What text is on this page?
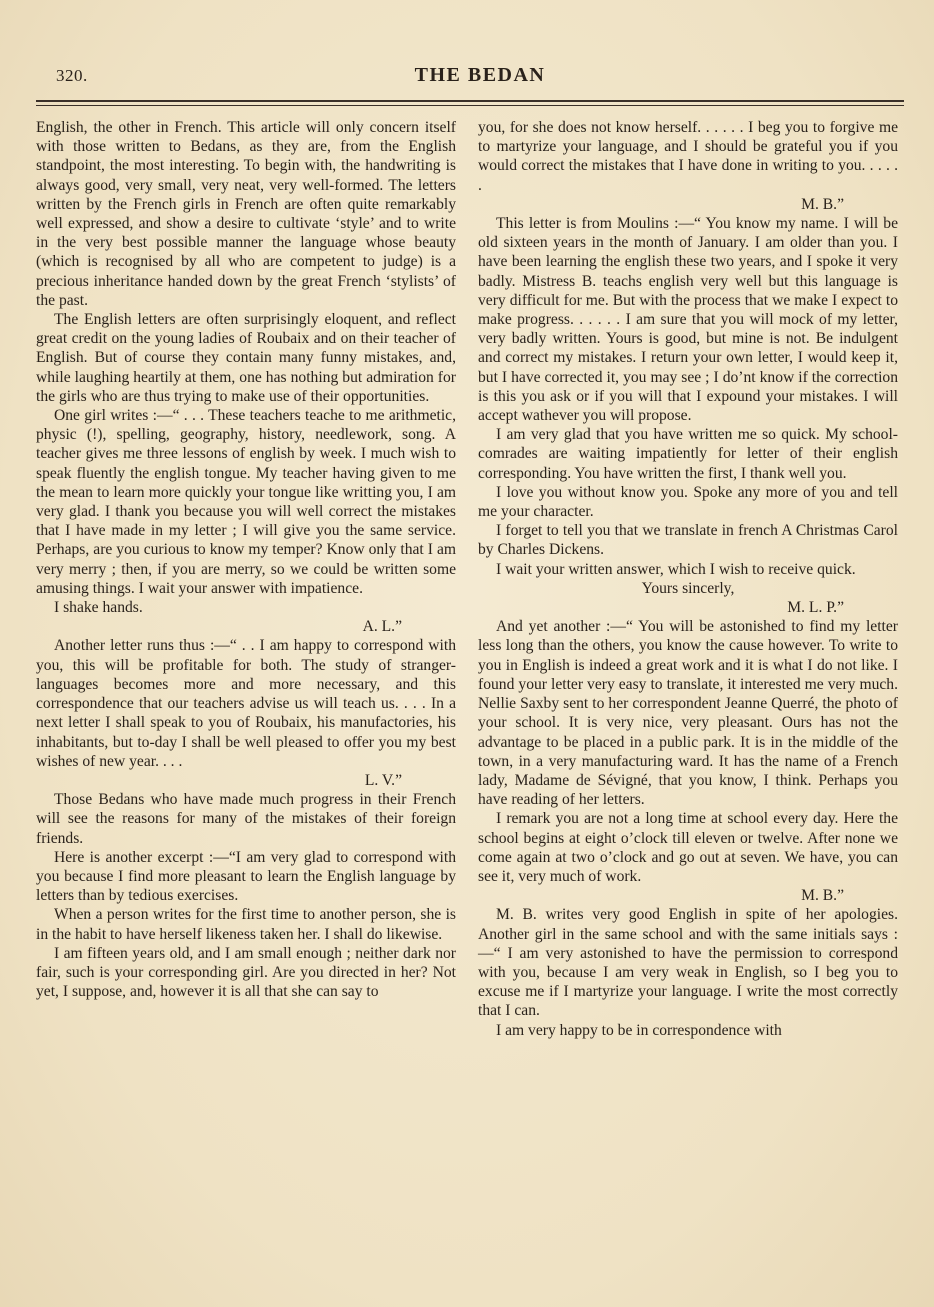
320.	THE BEDAN

English, the other in French. This article will only concern itself with those written to Bedans, as they are, from the English standpoint, the most interesting. To begin with, the handwriting is always good, very small, very neat, very well-formed. The letters written by the French girls in French are often quite remarkably well expressed, and show a desire to cultivate ‘style’ and to write in the very best possible manner the language whose beauty (which is recognised by all who are competent to judge) is a precious inheritance handed down by the great French ‘stylists’ of the past.

The English letters are often surprisingly eloquent, and reflect great credit on the young ladies of Roubaix and on their teacher of English. But of course they contain many funny mistakes, and, while laughing heartily at them, one has nothing but admiration for the girls who are thus trying to make use of their opportunities.

One girl writes :—“ . . . These teachers teache to me arithmetic, physic (!), spelling, geography, history, needlework, song. A teacher gives me three lessons of english by week. I much wish to speak fluently the english tongue. My teacher having given to me the mean to learn more quickly your tongue like writting you, I am very glad. I thank you because you will well correct the mistakes that I have made in my letter ; I will give you the same service. Perhaps, are you curious to know my temper? Know only that I am very merry ; then, if you are merry, so we could be written some amusing things. I wait your answer with impatience.

I shake hands.

A. L.”

Another letter runs thus :—“ . . I am happy to correspond with you, this will be profitable for both. The study of stranger-languages becomes more and more necessary, and this correspondence that our teachers advise us will teach us. . . . In a next letter I shall speak to you of Roubaix, his manufactories, his inhabitants, but to-day I shall be well pleased to offer you my best wishes of new year. . . .

L. V.”

Those Bedans who have made much progress in their French will see the reasons for many of the mistakes of their foreign friends.

Here is another excerpt :—“I am very glad to correspond with you because I find more pleasant to learn the English language by letters than by tedious exercises.

When a person writes for the first time to another person, she is in the habit to have herself likeness taken her. I shall do likewise.

I am fifteen years old, and I am small enough ; neither dark nor fair, such is your corresponding girl. Are you directed in her? Not yet, I suppose, and, however it is all that she can say to

you, for she does not know herself. . . . . . I beg you to forgive me to martyrize your language, and I should be grateful you if you would correct the mistakes that I have done in writing to you. . . . . .

M. B.”

This letter is from Moulins :—“ You know my name. I will be old sixteen years in the month of January. I am older than you. I have been learning the english these two years, and I spoke it very badly. Mistress B. teachs english very well but this language is very difficult for me. But with the process that we make I expect to make progress. . . . . . I am sure that you will mock of my letter, very badly written. Yours is good, but mine is not. Be indulgent and correct my mistakes. I return your own letter, I would keep it, but I have corrected it, you may see ; I do’nt know if the correction is this you ask or if you will that I expound your mistakes. I will accept wathever you will propose.

I am very glad that you have written me so quick. My school-comrades are waiting impatiently for letter of their english corresponding. You have written the first, I thank well you.

I love you without know you. Spoke any more of you and tell me your character.

I forget to tell you that we translate in french A Christmas Carol by Charles Dickens.

I wait your written answer, which I wish to receive quick.

Yours sincerly,

M. L. P.”

And yet another :—“ You will be astonished to find my letter less long than the others, you know the cause however. To write to you in English is indeed a great work and it is what I do not like. I found your letter very easy to translate, it interested me very much. Nellie Saxby sent to her correspondent Jeanne Querré, the photo of your school. It is very nice, very pleasant. Ours has not the advantage to be placed in a public park. It is in the middle of the town, in a very manufacturing ward. It has the name of a French lady, Madame de Sévigné, that you know, I think. Perhaps you have reading of her letters.

I remark you are not a long time at school every day. Here the school begins at eight o’clock till eleven or twelve. After none we come again at two o’clock and go out at seven. We have, you can see it, very much of work.

M. B.”

M. B. writes very good English in spite of her apologies. Another girl in the same school and with the same initials says :—“ I am very astonished to have the permission to correspond with you, because I am very weak in English, so I beg you to excuse me if I martyrize your language. I write the most correctly that I can.

I am very happy to be in correspondence with
